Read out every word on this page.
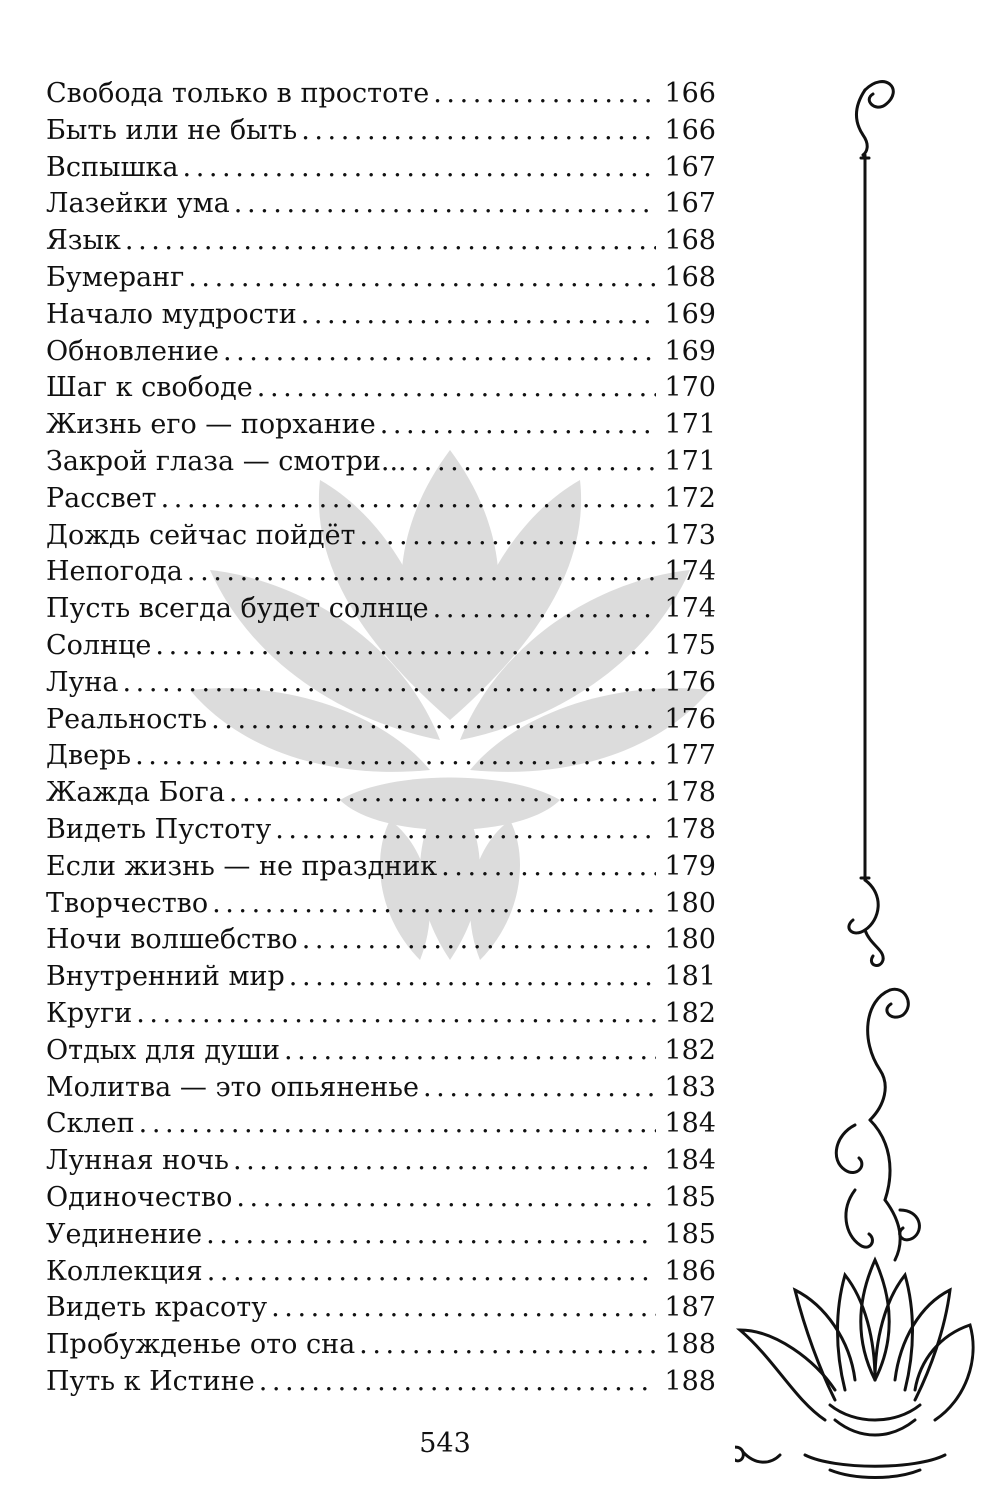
Свобода только в простоте . . .	166
Быть или не быть . . .	166
Вспышка . . .	167
Лазейки ума . . .	167
Язык . . .	168
Бумеранг . . .	168
Начало мудрости . . .	169
Обновление . . .	169
Шаг к свободе . . .	170
Жизнь его — порхание . . .	171
Закрой глаза — смотри... . . .	171
Рассвет . . .	172
Дождь сейчас пойдёт . . .	173
Непогода . . .	174
Пусть всегда будет солнце . . .	174
Солнце . . .	175
Луна . . .	176
Реальность . . .	176
Дверь . . .	177
Жажда Бога . . .	178
Видеть Пустоту . . .	178
Если жизнь — не праздник . . .	179
Творчество . . .	180
Ночи волшебство . . .	180
Внутренний мир . . .	181
Круги . . .	182
Отдых для души . . .	182
Молитва — это опьяненье . . .	183
Склеп . . .	184
Лунная ночь . . .	184
Одиночество . . .	185
Уединение . . .	185
Коллекция . . .	186
Видеть красоту . . .	187
Пробужденье ото сна . . .	188
Путь к Истине . . .	188
543
